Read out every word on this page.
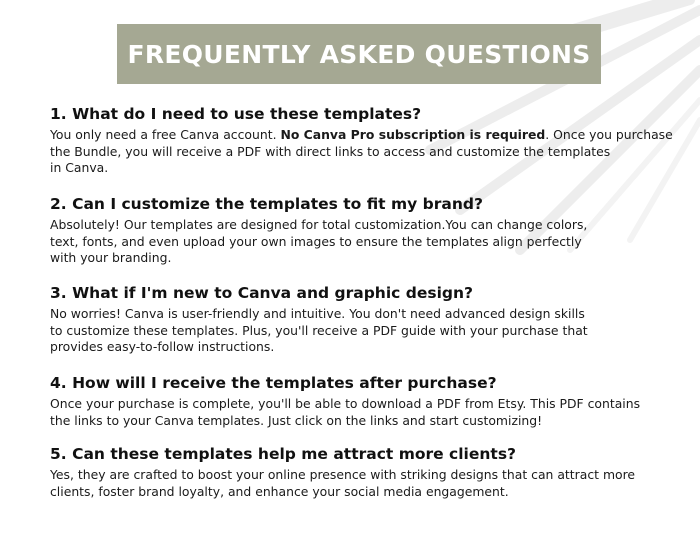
FREQUENTLY ASKED QUESTIONS
1. What do I need to use these templates?
You only need a free Canva account. No Canva Pro subscription is required. Once you purchase
the Bundle, you will receive a PDF with direct links to access and customize the templates
in Canva.
2. Can I customize the templates to fit my brand?
Absolutely! Our templates are designed for total customization.You can change colors,
text, fonts, and even upload your own images to ensure the templates align perfectly
with your branding.
3. What if I'm new to Canva and graphic design?
No worries! Canva is user-friendly and intuitive. You don't need advanced design skills
to customize these templates. Plus, you'll receive a PDF guide with your purchase that
provides easy-to-follow instructions.
4. How will I receive the templates after purchase?
Once your purchase is complete, you'll be able to download a PDF from Etsy. This PDF contains
the links to your Canva templates. Just click on the links and start customizing!
5. Can these templates help me attract more clients?
Yes, they are crafted to boost your online presence with striking designs that can attract more
clients, foster brand loyalty, and enhance your social media engagement.
